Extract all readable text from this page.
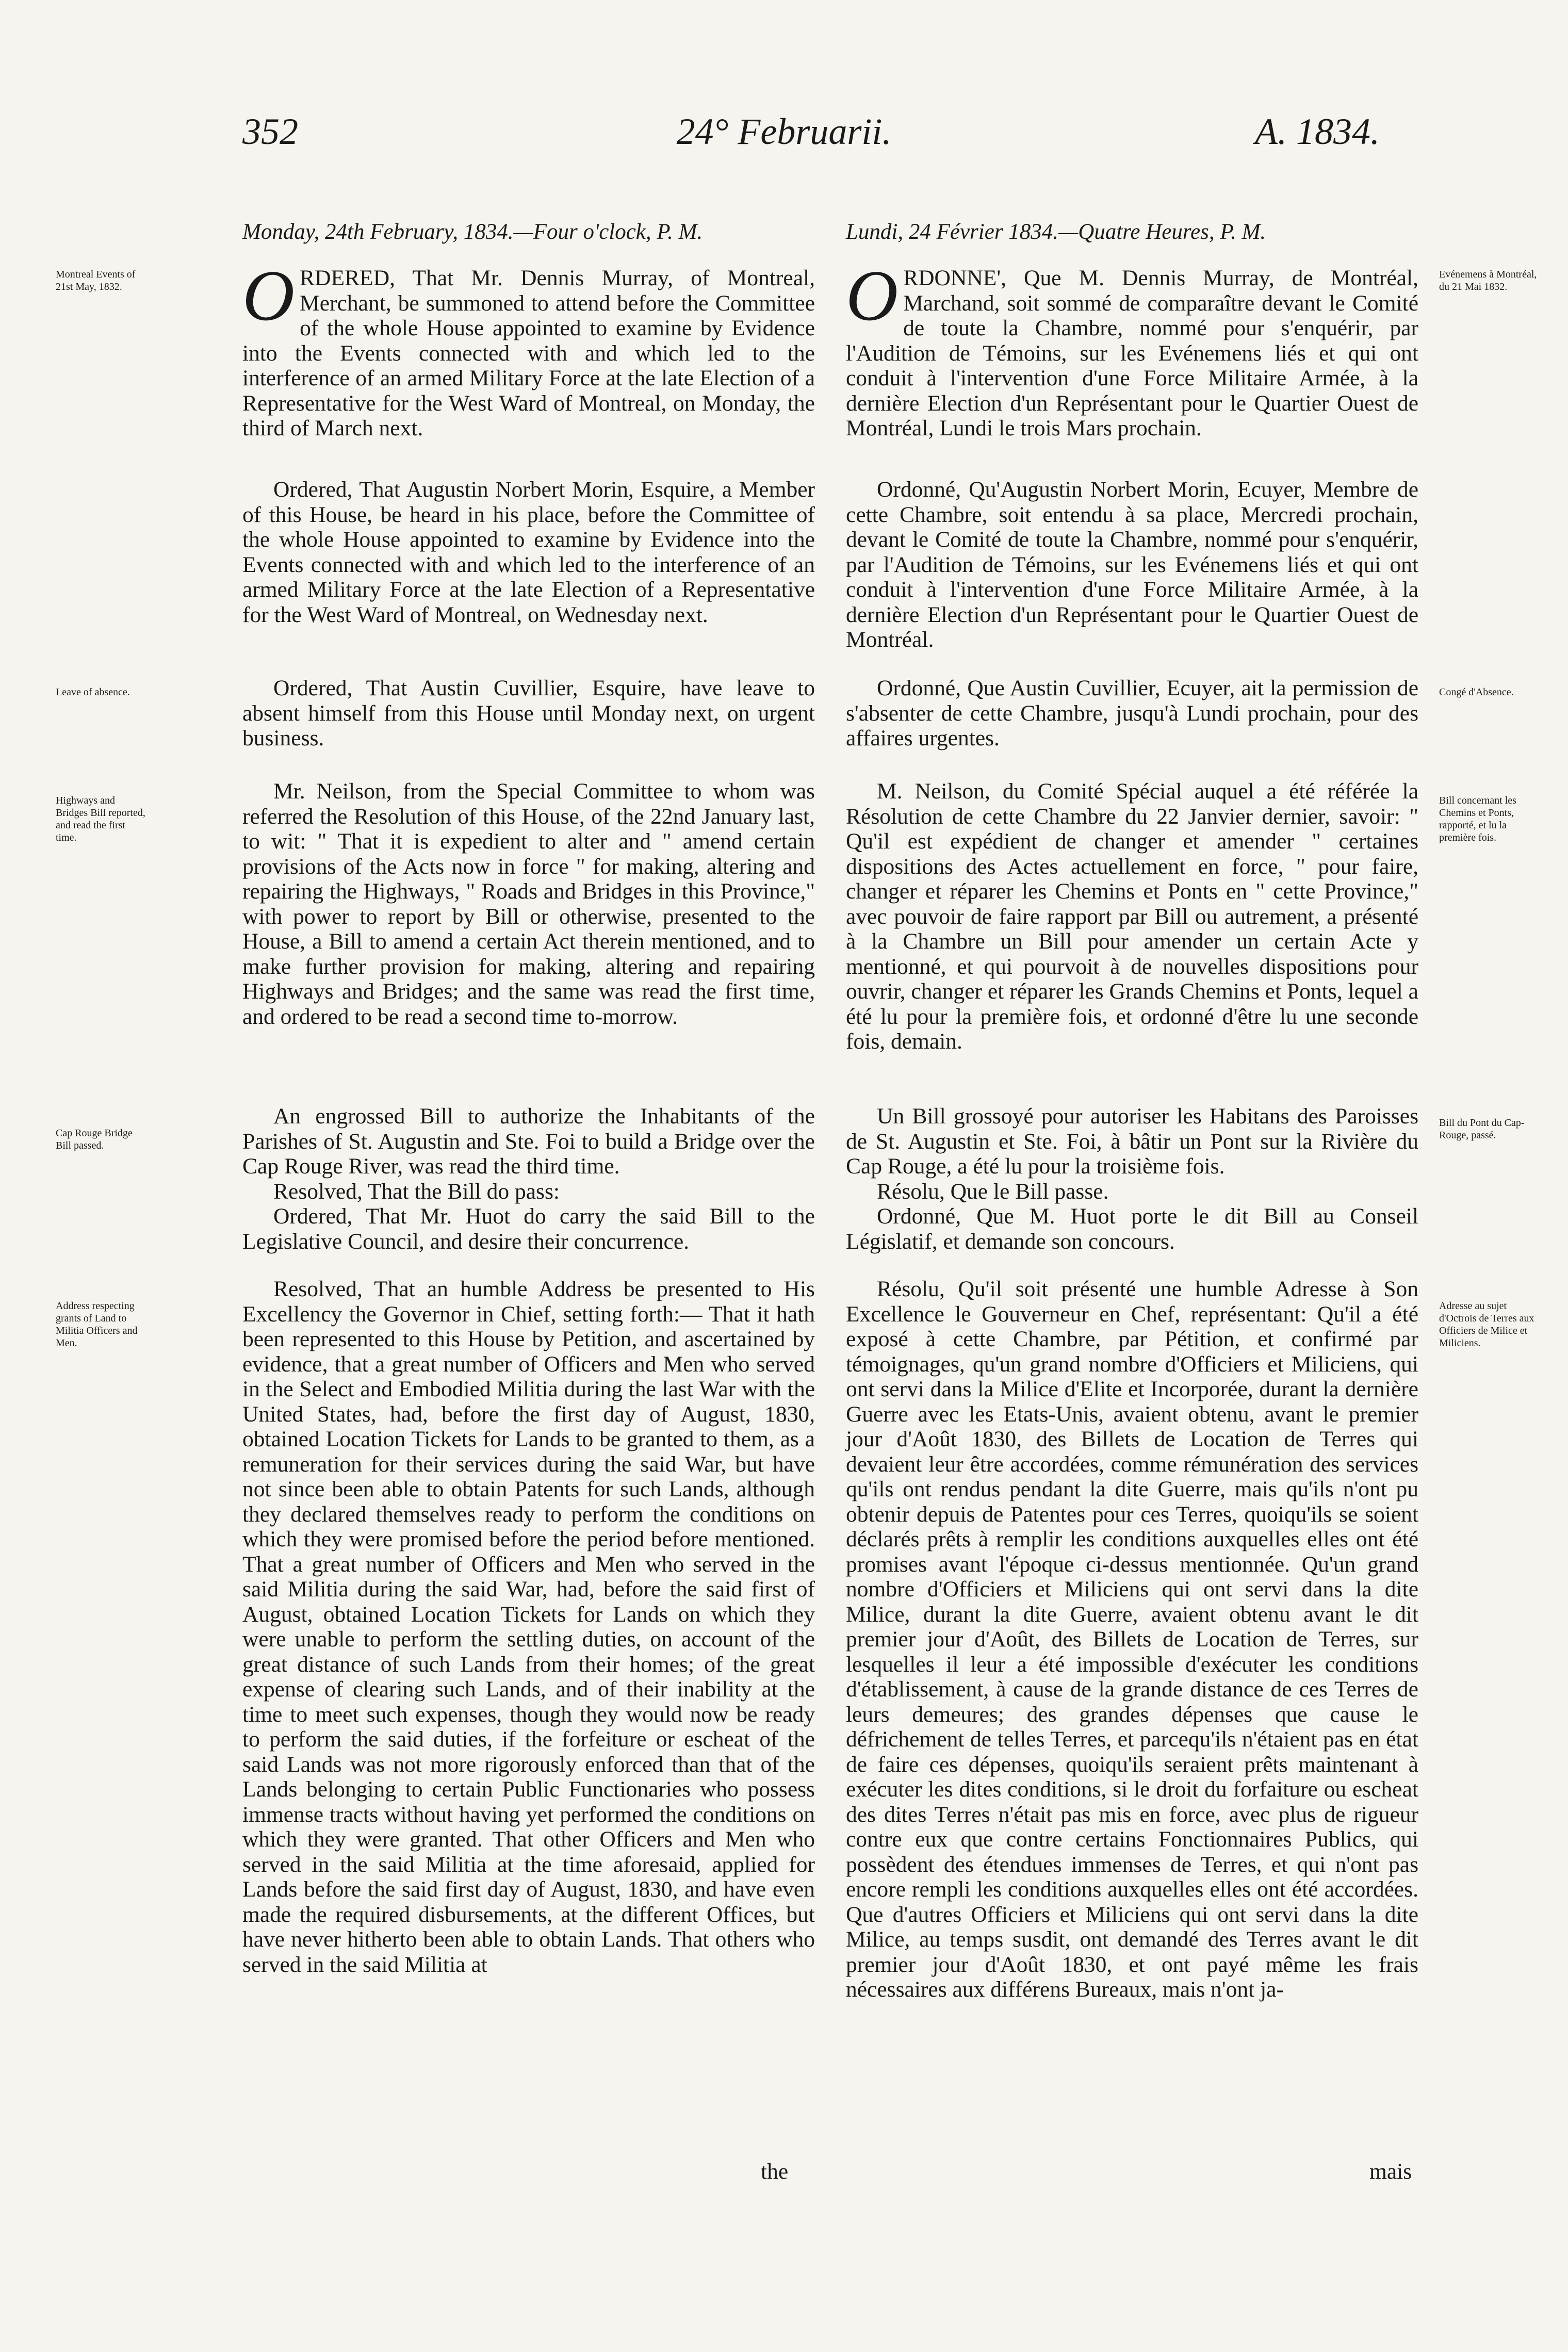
352	24° Februarii.	A. 1834.
Monday, 24th February, 1834.—Four o'clock, P. M.	Lundi, 24 Février 1834.—Quatre Heures, P. M.
Montreal Events of 21st May, 1832.
Leave of absence.
Highways and Bridges Bill reported, and read the first time.
Cap Rouge Bridge Bill passed.
Address respecting grants of Land to Militia Officers and Men.
Evénemens à Montréal, du 21 Mai 1832.
Congé d'Absence.
Bill concernant les Chemins et Ponts, rapporté, et lu la première fois.
Bill du Pont du Cap-Rouge, passé.
Adresse au sujet d'Octrois de Terres aux Officiers de Milice et Miliciens.

ORDERED, That Mr. Dennis Murray, of Montreal, Merchant, be summoned to attend before the Committee of the whole House appointed to examine by Evidence into the Events connected with and which led to the interference of an armed Military Force at the late Election of a Representative for the West Ward of Montreal, on Monday, the third of March next.

Ordered, That Augustin Norbert Morin, Esquire, a Member of this House, be heard in his place, before the Committee of the whole House appointed to examine by Evidence into the Events connected with and which led to the interference of an armed Military Force at the late Election of a Representative for the West Ward of Montreal, on Wednesday next.

Ordered, That Austin Cuvillier, Esquire, have leave to absent himself from this House until Monday next, on urgent business.

Mr. Neilson, from the Special Committee to whom was referred the Resolution of this House, of the 22nd January last, to wit: " That it is expedient to alter and " amend certain provisions of the Acts now in force " for making, altering and repairing the Highways, " Roads and Bridges in this Province," with power to report by Bill or otherwise, presented to the House, a Bill to amend a certain Act therein mentioned, and to make further provision for making, altering and repairing Highways and Bridges; and the same was read the first time, and ordered to be read a second time to-morrow.

An engrossed Bill to authorize the Inhabitants of the Parishes of St. Augustin and Ste. Foi to build a Bridge over the Cap Rouge River, was read the third time.

Resolved, That the Bill do pass:

Ordered, That Mr. Huot do carry the said Bill to the Legislative Council, and desire their concurrence.

Resolved, That an humble Address be presented to His Excellency the Governor in Chief, setting forth:— That it hath been represented to this House by Petition, and ascertained by evidence, that a great number of Officers and Men who served in the Select and Embodied Militia during the last War with the United States, had, before the first day of August, 1830, obtained Location Tickets for Lands to be granted to them, as a remuneration for their services during the said War, but have not since been able to obtain Patents for such Lands, although they declared themselves ready to perform the conditions on which they were promised before the period before mentioned. That a great number of Officers and Men who served in the said Militia during the said War, had, before the said first of August, obtained Location Tickets for Lands on which they were unable to perform the settling duties, on account of the great distance of such Lands from their homes; of the great expense of clearing such Lands, and of their inability at the time to meet such expenses, though they would now be ready to perform the said duties, if the forfeiture or escheat of the said Lands was not more rigorously enforced than that of the Lands belonging to certain Public Functionaries who possess immense tracts without having yet performed the conditions on which they were granted. That other Officers and Men who served in the said Militia at the time aforesaid, applied for Lands before the said first day of August, 1830, and have even made the required disbursements, at the different Offices, but have never hitherto been able to obtain Lands. That others who served in the said Militia at

the

ORDONNE', Que M. Dennis Murray, de Montréal, Marchand, soit sommé de comparaître devant le Comité de toute la Chambre, nommé pour s'enquérir, par l'Audition de Témoins, sur les Evénemens liés et qui ont conduit à l'intervention d'une Force Militaire Armée, à la dernière Election d'un Représentant pour le Quartier Ouest de Montréal, Lundi le trois Mars prochain.

Ordonné, Qu'Augustin Norbert Morin, Ecuyer, Membre de cette Chambre, soit entendu à sa place, Mercredi prochain, devant le Comité de toute la Chambre, nommé pour s'enquérir, par l'Audition de Témoins, sur les Evénemens liés et qui ont conduit à l'intervention d'une Force Militaire Armée, à la dernière Election d'un Représentant pour le Quartier Ouest de Montréal.

Ordonné, Que Austin Cuvillier, Ecuyer, ait la permission de s'absenter de cette Chambre, jusqu'à Lundi prochain, pour des affaires urgentes.

M. Neilson, du Comité Spécial auquel a été référée la Résolution de cette Chambre du 22 Janvier dernier, savoir: " Qu'il est expédient de changer et amender " certaines dispositions des Actes actuellement en force, " pour faire, changer et réparer les Chemins et Ponts en " cette Province," avec pouvoir de faire rapport par Bill ou autrement, a présenté à la Chambre un Bill pour amender un certain Acte y mentionné, et qui pourvoit à de nouvelles dispositions pour ouvrir, changer et réparer les Grands Chemins et Ponts, lequel a été lu pour la première fois, et ordonné d'être lu une seconde fois, demain.

Un Bill grossoyé pour autoriser les Habitans des Paroisses de St. Augustin et Ste. Foi, à bâtir un Pont sur la Rivière du Cap Rouge, a été lu pour la troisième fois.

Résolu, Que le Bill passe.

Ordonné, Que M. Huot porte le dit Bill au Conseil Législatif, et demande son concours.

Résolu, Qu'il soit présenté une humble Adresse à Son Excellence le Gouverneur en Chef, représentant: Qu'il a été exposé à cette Chambre, par Pétition, et confirmé par témoignages, qu'un grand nombre d'Officiers et Miliciens, qui ont servi dans la Milice d'Elite et Incorporée, durant la dernière Guerre avec les Etats-Unis, avaient obtenu, avant le premier jour d'Août 1830, des Billets de Location de Terres qui devaient leur être accordées, comme rémunération des services qu'ils ont rendus pendant la dite Guerre, mais qu'ils n'ont pu obtenir depuis de Patentes pour ces Terres, quoiqu'ils se soient déclarés prêts à remplir les conditions auxquelles elles ont été promises avant l'époque ci-dessus mentionnée. Qu'un grand nombre d'Officiers et Miliciens qui ont servi dans la dite Milice, durant la dite Guerre, avaient obtenu avant le dit premier jour d'Août, des Billets de Location de Terres, sur lesquelles il leur a été impossible d'exécuter les conditions d'établissement, à cause de la grande distance de ces Terres de leurs demeures; des grandes dépenses que cause le défrichement de telles Terres, et parcequ'ils n'étaient pas en état de faire ces dépenses, quoiqu'ils seraient prêts maintenant à exécuter les dites conditions, si le droit du forfaiture ou escheat des dites Terres n'était pas mis en force, avec plus de rigueur contre eux que contre certains Fonctionnaires Publics, qui possèdent des étendues immenses de Terres, et qui n'ont pas encore rempli les conditions auxquelles elles ont été accordées. Que d'autres Officiers et Miliciens qui ont servi dans la dite Milice, au temps susdit, ont demandé des Terres avant le dit premier jour d'Août 1830, et ont payé même les frais nécessaires aux différens Bureaux, mais n'ont ja-

mais
